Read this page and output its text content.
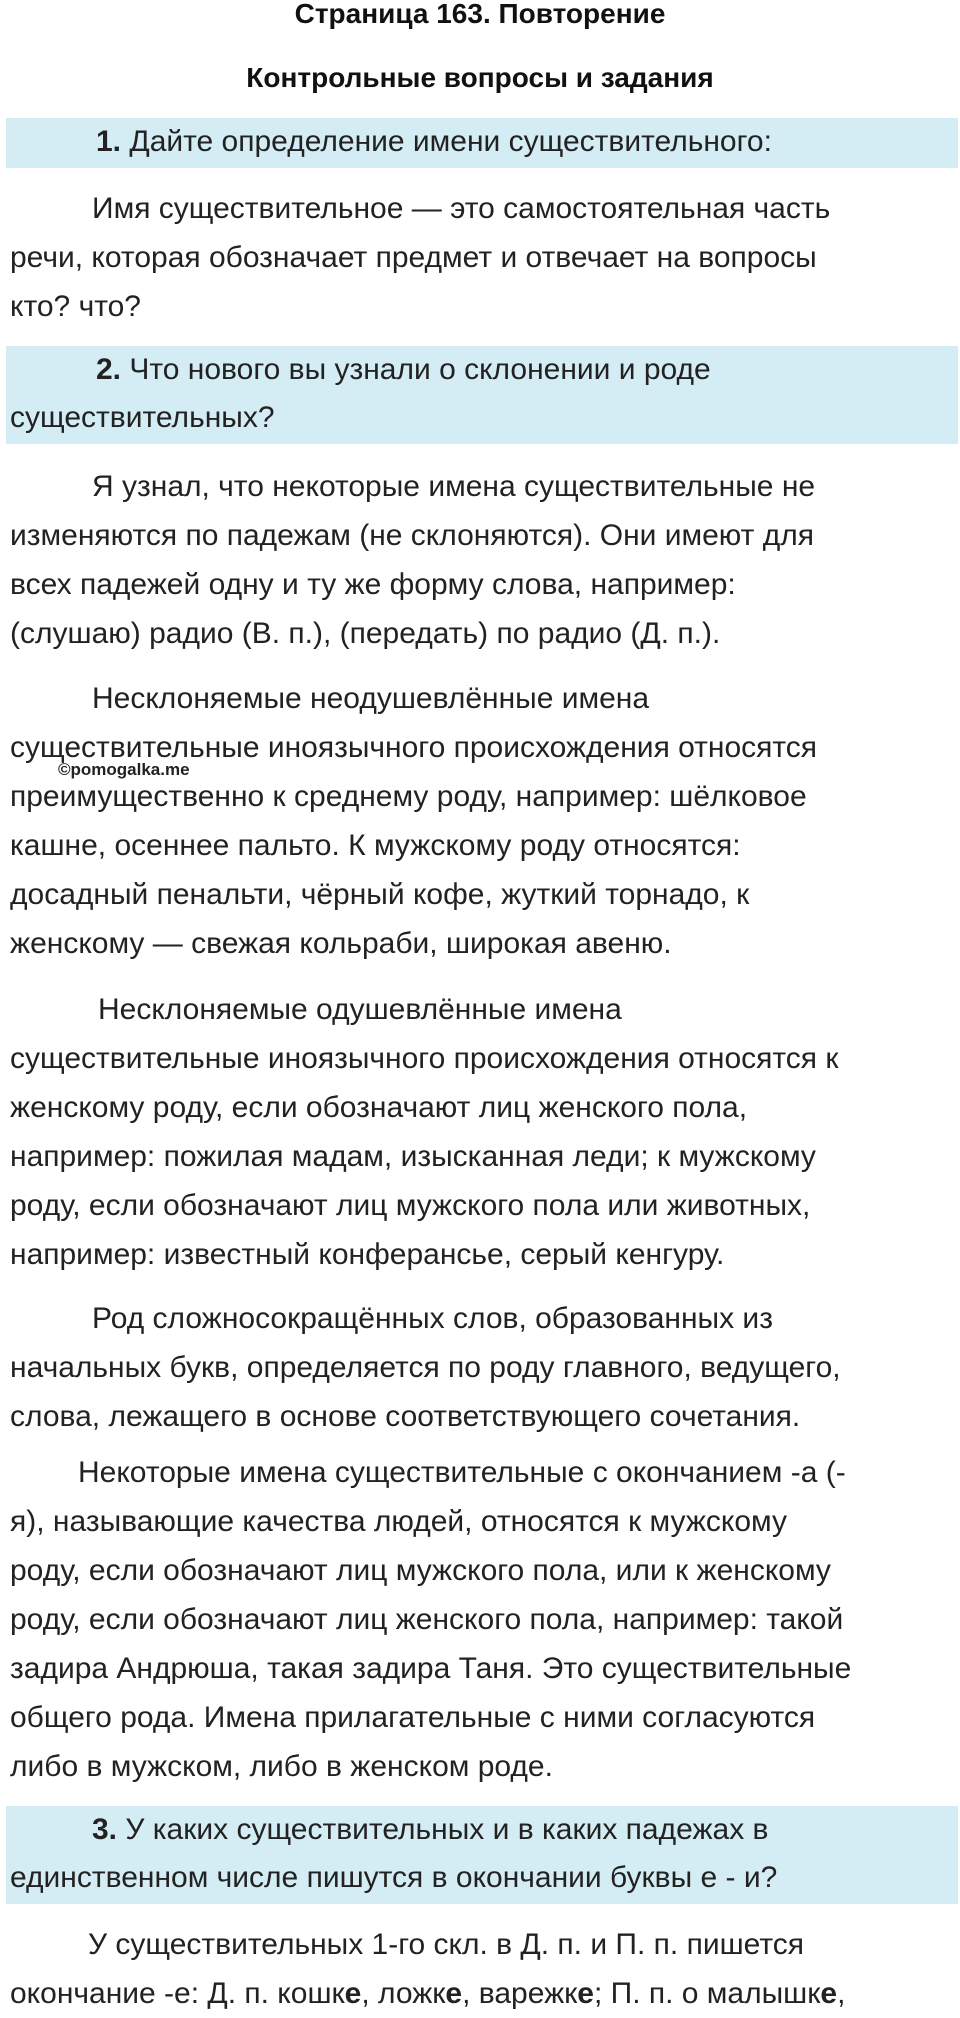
Страница 163. Повторение
Контрольные вопросы и задания
1. Дайте определение имени существительного:
Имя существительное — это самостоятельная часть
речи, которая обозначает предмет и отвечает на вопросы
кто? что?
2. Что нового вы узнали о склонении и роде
существительных?
Я узнал, что некоторые имена существительные не
изменяются по падежам (не склоняются). Они имеют для
всех падежей одну и ту же форму слова, например:
(слушаю) радио (В. п.), (передать) по радио (Д. п.).
Несклоняемые неодушевлённые имена
существительные иноязычного происхождения относятся
преимущественно к среднему роду, например: шёлковое
кашне, осеннее пальто. К мужскому роду относятся:
досадный пенальти, чёрный кофе, жуткий торнадо, к
женскому — свежая кольраби, широкая авеню.
©pomogalka.me
Несклоняемые одушевлённые имена
существительные иноязычного происхождения относятся к
женскому роду, если обозначают лиц женского пола,
например: пожилая мадам, изысканная леди; к мужскому
роду, если обозначают лиц мужского пола или животных,
например: известный конферансье, серый кенгуру.
Род сложносокращённых слов, образованных из
начальных букв, определяется по роду главного, ведущего,
слова, лежащего в основе соответствующего сочетания.
Некоторые имена существительные с окончанием -а (-
я), называющие качества людей, относятся к мужскому
роду, если обозначают лиц мужского пола, или к женскому
роду, если обозначают лиц женского пола, например: такой
задира Андрюша, такая задира Таня. Это существительные
общего рода. Имена прилагательные с ними согласуются
либо в мужском, либо в женском роде.
3. У каких существительных и в каких падежах в
единственном числе пишутся в окончании буквы е - и?
У существительных 1-го скл. в Д. п. и П. п. пишется
окончание -е: Д. п. кошке, ложке, варежке; П. п. о малышке,
